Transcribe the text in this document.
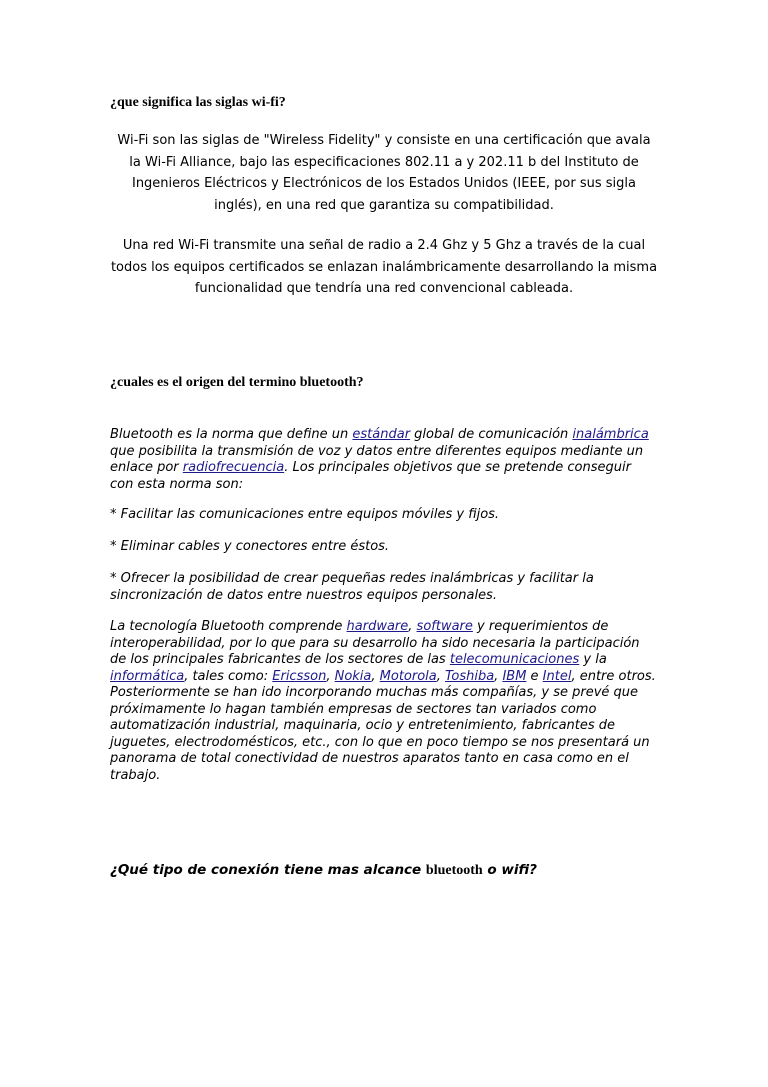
¿que significa las siglas wi-fi?

Wi-Fi son las siglas de "Wireless Fidelity" y consiste en una certificación que avala

la Wi-Fi Alliance, bajo las especificaciones 802.11 a y 202.11 b del Instituto de

Ingenieros Eléctricos y Electrónicos de los Estados Unidos (IEEE, por sus sigla

inglés), en una red que garantiza su compatibilidad.

Una red Wi-Fi transmite una señal de radio a 2.4 Ghz y 5 Ghz a través de la cual

todos los equipos certificados se enlazan inalámbricamente desarrollando la misma

funcionalidad que tendría una red convencional cableada.

¿cuales es el origen del termino bluetooth?

Bluetooth es la norma que define un estándar global de comunicación inalámbrica que posibilita la transmisión de voz y datos entre diferentes equipos mediante un enlace por radiofrecuencia. Los principales objetivos que se pretende conseguir con esta norma son:

* Facilitar las comunicaciones entre equipos móviles y fijos.

* Eliminar cables y conectores entre éstos.

* Ofrecer la posibilidad de crear pequeñas redes inalámbricas y facilitar la sincronización de datos entre nuestros equipos personales.

La tecnología Bluetooth comprende hardware, software y requerimientos de interoperabilidad, por lo que para su desarrollo ha sido necesaria la participación de los principales fabricantes de los sectores de las telecomunicaciones y la informática, tales como: Ericsson, Nokia, Motorola, Toshiba, IBM e Intel, entre otros. Posteriormente se han ido incorporando muchas más compañías, y se prevé que próximamente lo hagan también empresas de sectores tan variados como automatización industrial, maquinaria, ocio y entretenimiento, fabricantes de juguetes, electrodomésticos, etc., con lo que en poco tiempo se nos presentará un panorama de total conectividad de nuestros aparatos tanto en casa como en el trabajo.

¿Qué tipo de conexión tiene mas alcance bluetooth o wifi?
